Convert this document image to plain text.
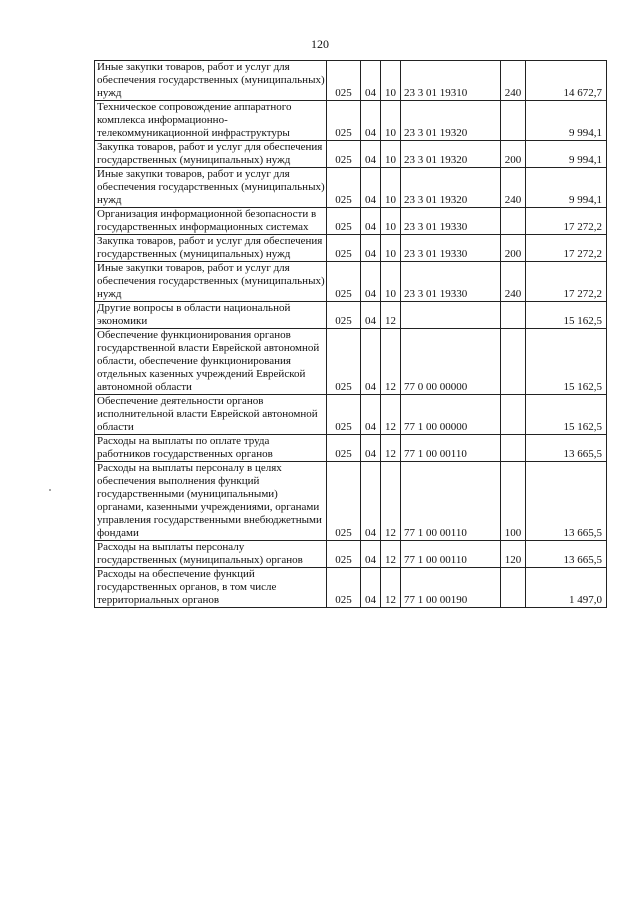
120
Иные закупки товаров, работ и услуг для обеспечения государственных (муниципальных) нужд	025	04	10	23 3 01 19310	240	14 672,7
Техническое сопровождение аппаратного комплекса информационно-телекоммуникационной инфраструктуры	025	04	10	23 3 01 19320		9 994,1
Закупка товаров, работ и услуг для обеспечения государственных (муниципальных) нужд	025	04	10	23 3 01 19320	200	9 994,1
Иные закупки товаров, работ и услуг для обеспечения государственных (муниципальных) нужд	025	04	10	23 3 01 19320	240	9 994,1
Организация информационной безопасности в государственных информационных системах	025	04	10	23 3 01 19330		17 272,2
Закупка товаров, работ и услуг для обеспечения государственных (муниципальных) нужд	025	04	10	23 3 01 19330	200	17 272,2
Иные закупки товаров, работ и услуг для обеспечения государственных (муниципальных) нужд	025	04	10	23 3 01 19330	240	17 272,2
Другие вопросы в области национальной экономики	025	04	12			15 162,5
Обеспечение функционирования органов государственной власти Еврейской автономной области, обеспечение функционирования отдельных казенных учреждений Еврейской автономной области	025	04	12	77 0 00 00000		15 162,5
Обеспечение деятельности органов исполнительной власти Еврейской автономной области	025	04	12	77 1 00 00000		15 162,5
Расходы на выплаты по оплате труда работников государственных органов	025	04	12	77 1 00 00110		13 665,5
Расходы на выплаты персоналу в целях обеспечения выполнения функций государственными (муниципальными) органами, казенными учреждениями, органами управления государственными внебюджетными фондами	025	04	12	77 1 00 00110	100	13 665,5
Расходы на выплаты персоналу государственных (муниципальных) органов	025	04	12	77 1 00 00110	120	13 665,5
Расходы на обеспечение функций государственных органов, в том числе территориальных органов	025	04	12	77 1 00 00190		1 497,0
